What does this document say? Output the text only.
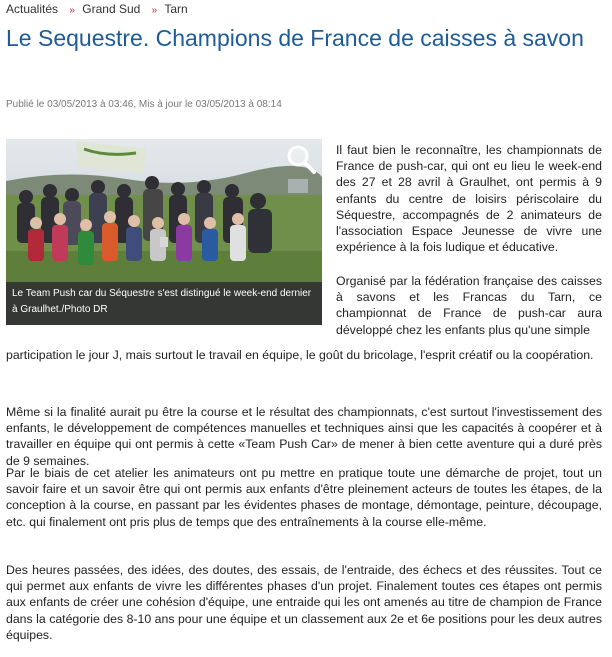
Actualités » Grand Sud » Tarn
Le Sequestre. Champions de France de caisses à savon
Publié le 03/05/2013 à 03:46, Mis à jour le 03/05/2013 à 08:14
Le Team Push car du Séquestre s'est distingué le week-end dernier à Graulhet./Photo DR

Il faut bien le reconnaître, les championnats de France de push-car, qui ont eu lieu le week-end des 27 et 28 avril à Graulhet, ont permis à 9 enfants du centre de loisirs périscolaire du Séquestre, accompagnés de 2 animateurs de l'association Espace Jeunesse de vivre une expérience à la fois ludique et éducative.

Organisé par la fédération française des caisses à savons et les Francas du Tarn, ce championnat de France de push-car aura développé chez les enfants plus qu'une simple

participation le jour J, mais surtout le travail en équipe, le goût du bricolage, l'esprit créatif ou la coopération.

Même si la finalité aurait pu être la course et le résultat des championnats, c'est surtout l'investissement des enfants, le développement de compétences manuelles et techniques ainsi que les capacités à coopérer et à travailler en équipe qui ont permis à cette «Team Push Car» de mener à bien cette aventure qui a duré près de 9 semaines.

Par le biais de cet atelier les animateurs ont pu mettre en pratique toute une démarche de projet, tout un savoir faire et un savoir être qui ont permis aux enfants d'être pleinement acteurs de toutes les étapes, de la conception à la course, en passant par les évidentes phases de montage, démontage, peinture, découpage, etc. qui finalement ont pris plus de temps que des entraînements à la course elle-même.

Des heures passées, des idées, des doutes, des essais, de l'entraide, des échecs et des réussites. Tout ce qui permet aux enfants de vivre les différentes phases d'un projet. Finalement toutes ces étapes ont permis aux enfants de créer une cohésion d'équipe, une entraide qui les ont amenés au titre de champion de France dans la catégorie des 8-10 ans pour une équipe et un classement aux 2e et 6e positions pour les deux autres équipes.
